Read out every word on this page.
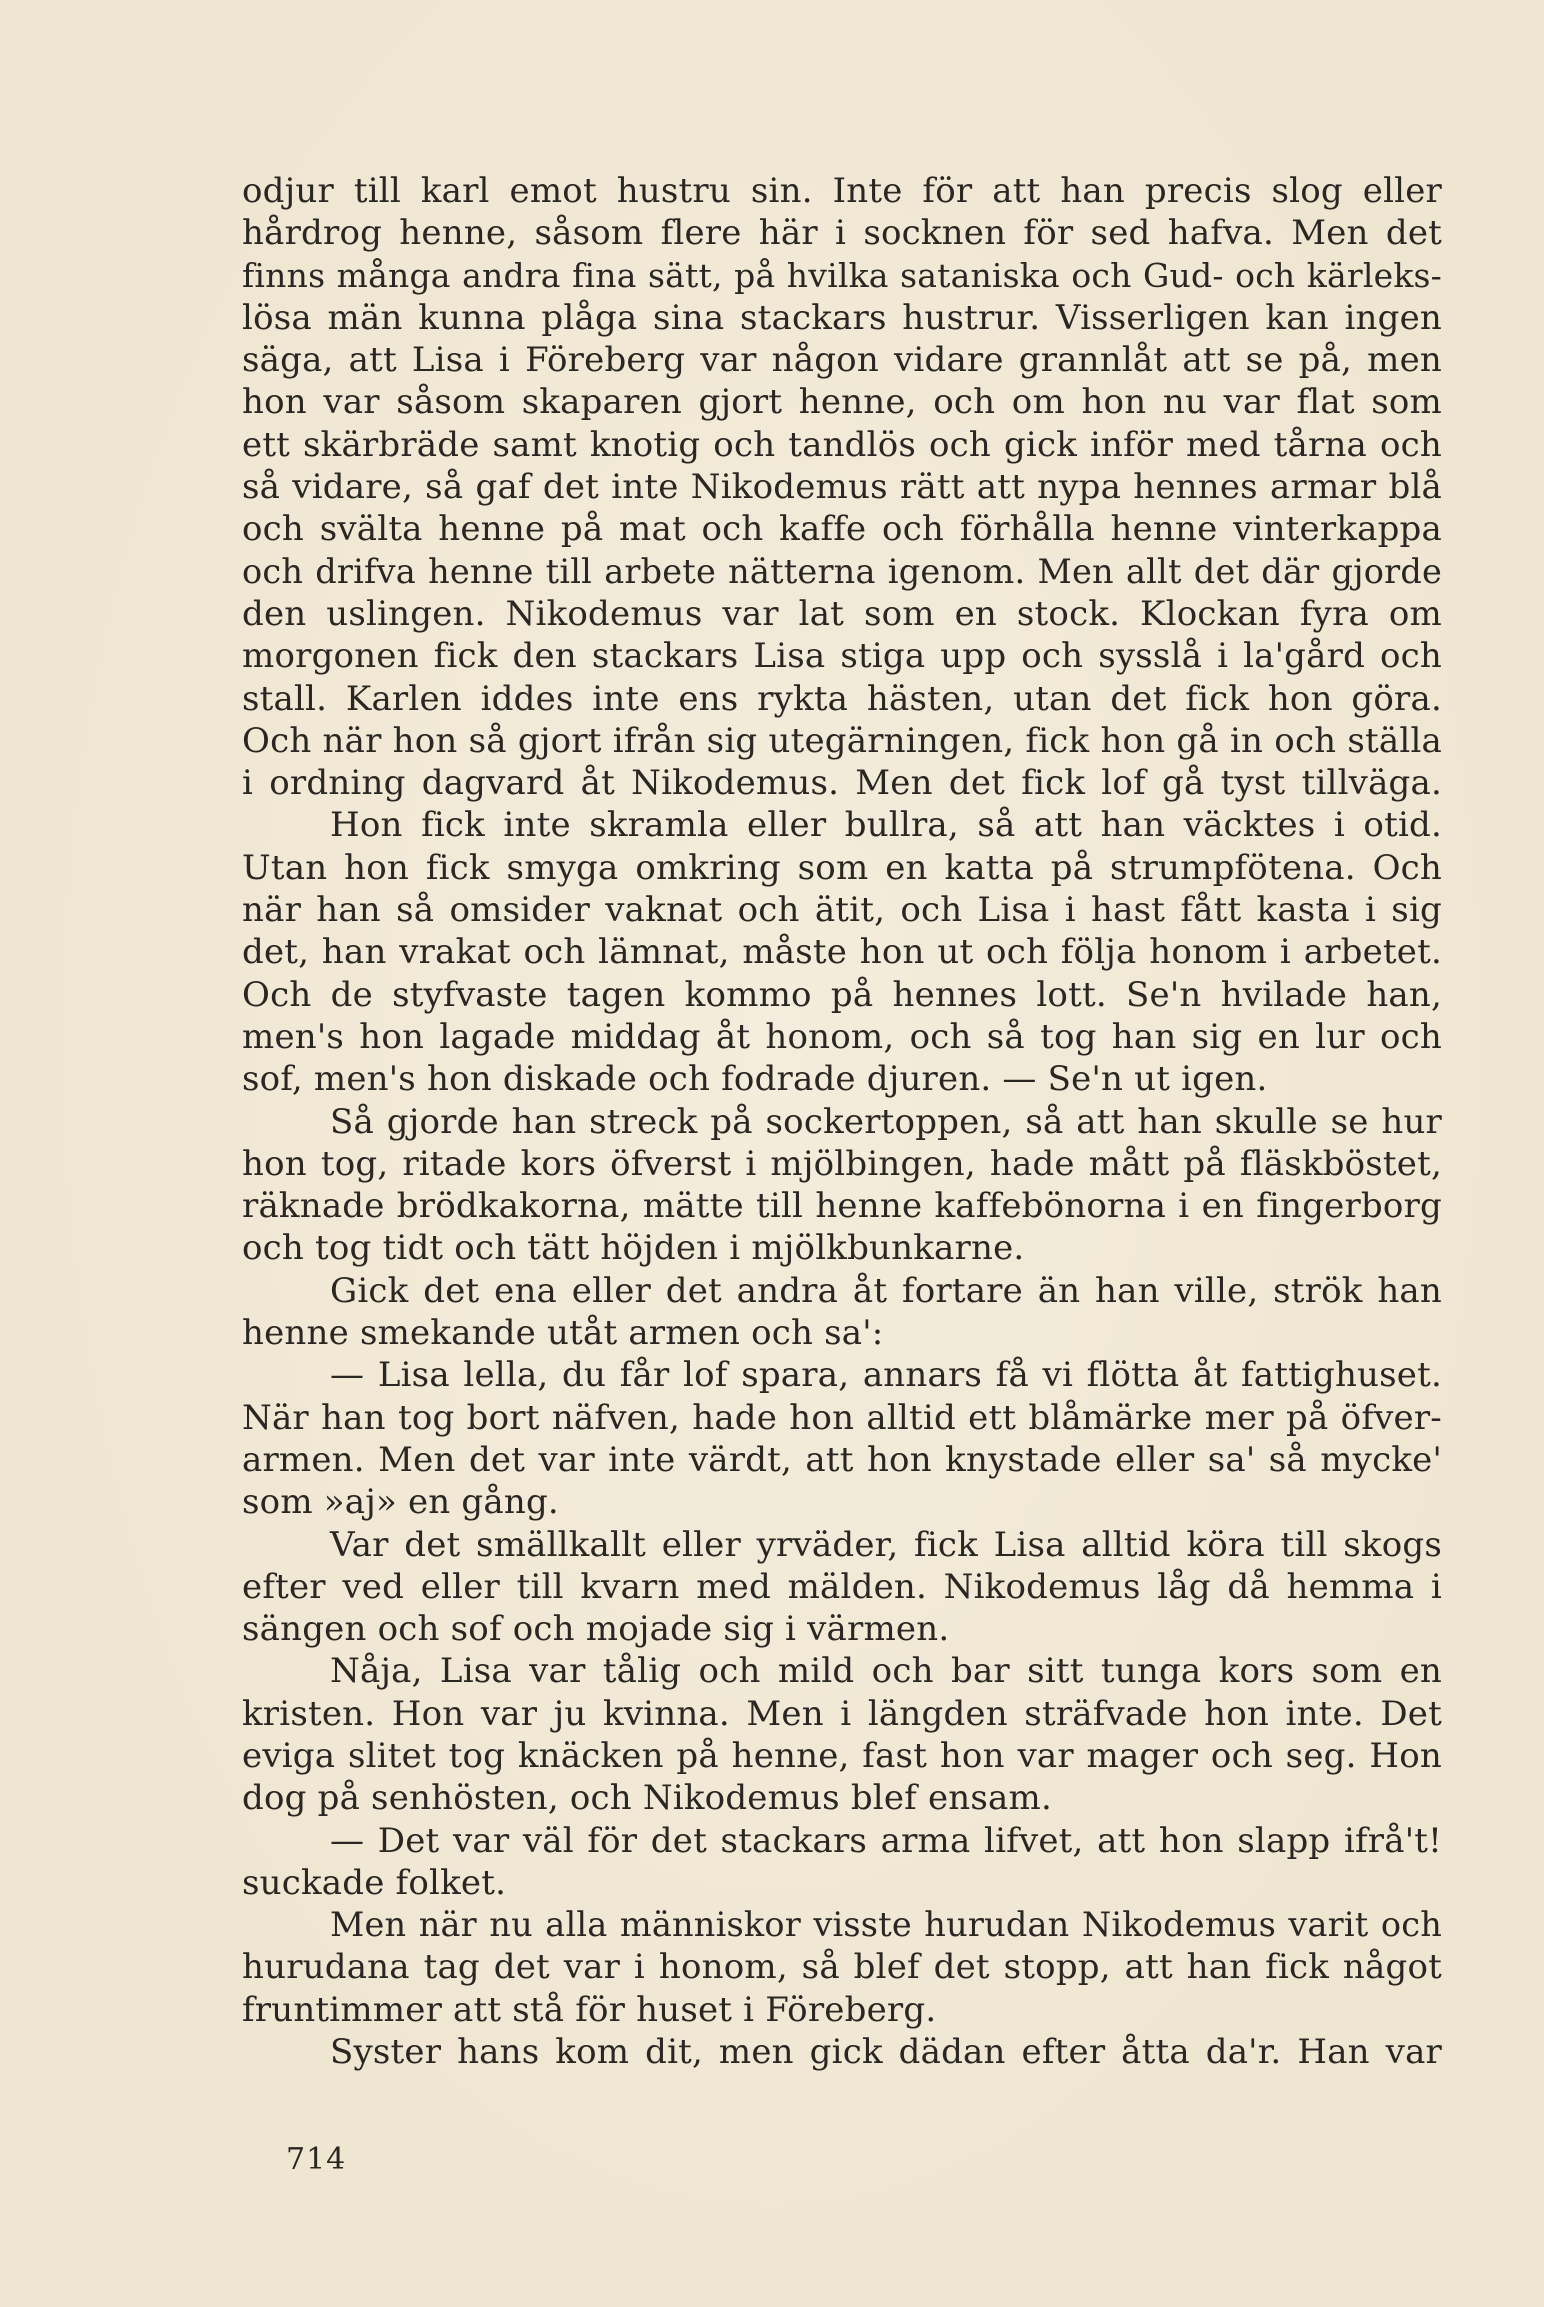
odjur till karl emot hustru sin. Inte för att han precis slog eller
hårdrog henne, såsom flere här i socknen för sed hafva. Men det
finns många andra fina sätt, på hvilka sataniska och Gud- och kärleks-
lösa män kunna plåga sina stackars hustrur. Visserligen kan ingen
säga, att Lisa i Föreberg var någon vidare grannlåt att se på, men
hon var såsom skaparen gjort henne, och om hon nu var flat som
ett skärbräde samt knotig och tandlös och gick inför med tårna och
så vidare, så gaf det inte Nikodemus rätt att nypa hennes armar blå
och svälta henne på mat och kaffe och förhålla henne vinterkappa
och drifva henne till arbete nätterna igenom. Men allt det där gjorde
den uslingen. Nikodemus var lat som en stock. Klockan fyra om
morgonen fick den stackars Lisa stiga upp och sysslå i la'gård och
stall. Karlen iddes inte ens rykta hästen, utan det fick hon göra.
Och när hon så gjort ifrån sig utegärningen, fick hon gå in och ställa
i ordning dagvard åt Nikodemus. Men det fick lof gå tyst tillväga.
Hon fick inte skramla eller bullra, så att han väcktes i otid.
Utan hon fick smyga omkring som en katta på strumpfötena. Och
när han så omsider vaknat och ätit, och Lisa i hast fått kasta i sig
det, han vrakat och lämnat, måste hon ut och följa honom i arbetet.
Och de styfvaste tagen kommo på hennes lott. Se'n hvilade han,
men's hon lagade middag åt honom, och så tog han sig en lur och
sof, men's hon diskade och fodrade djuren. — Se'n ut igen.
Så gjorde han streck på sockertoppen, så att han skulle se hur
hon tog, ritade kors öfverst i mjölbingen, hade mått på fläskböstet,
räknade brödkakorna, mätte till henne kaffebönorna i en fingerborg
och tog tidt och tätt höjden i mjölkbunkarne.
Gick det ena eller det andra åt fortare än han ville, strök han
henne smekande utåt armen och sa':
— Lisa lella, du får lof spara, annars få vi flötta åt fattighuset.
När han tog bort näfven, hade hon alltid ett blåmärke mer på öfver-
armen. Men det var inte värdt, att hon knystade eller sa' så mycke'
som »aj» en gång.
Var det smällkallt eller yrväder, fick Lisa alltid köra till skogs
efter ved eller till kvarn med mälden. Nikodemus låg då hemma i
sängen och sof och mojade sig i värmen.
Nåja, Lisa var tålig och mild och bar sitt tunga kors som en
kristen. Hon var ju kvinna. Men i längden sträfvade hon inte. Det
eviga slitet tog knäcken på henne, fast hon var mager och seg. Hon
dog på senhösten, och Nikodemus blef ensam.
— Det var väl för det stackars arma lifvet, att hon slapp ifrå't!
suckade folket.
Men när nu alla människor visste hurudan Nikodemus varit och
hurudana tag det var i honom, så blef det stopp, att han fick något
fruntimmer att stå för huset i Föreberg.
Syster hans kom dit, men gick dädan efter åtta da'r. Han var
714
